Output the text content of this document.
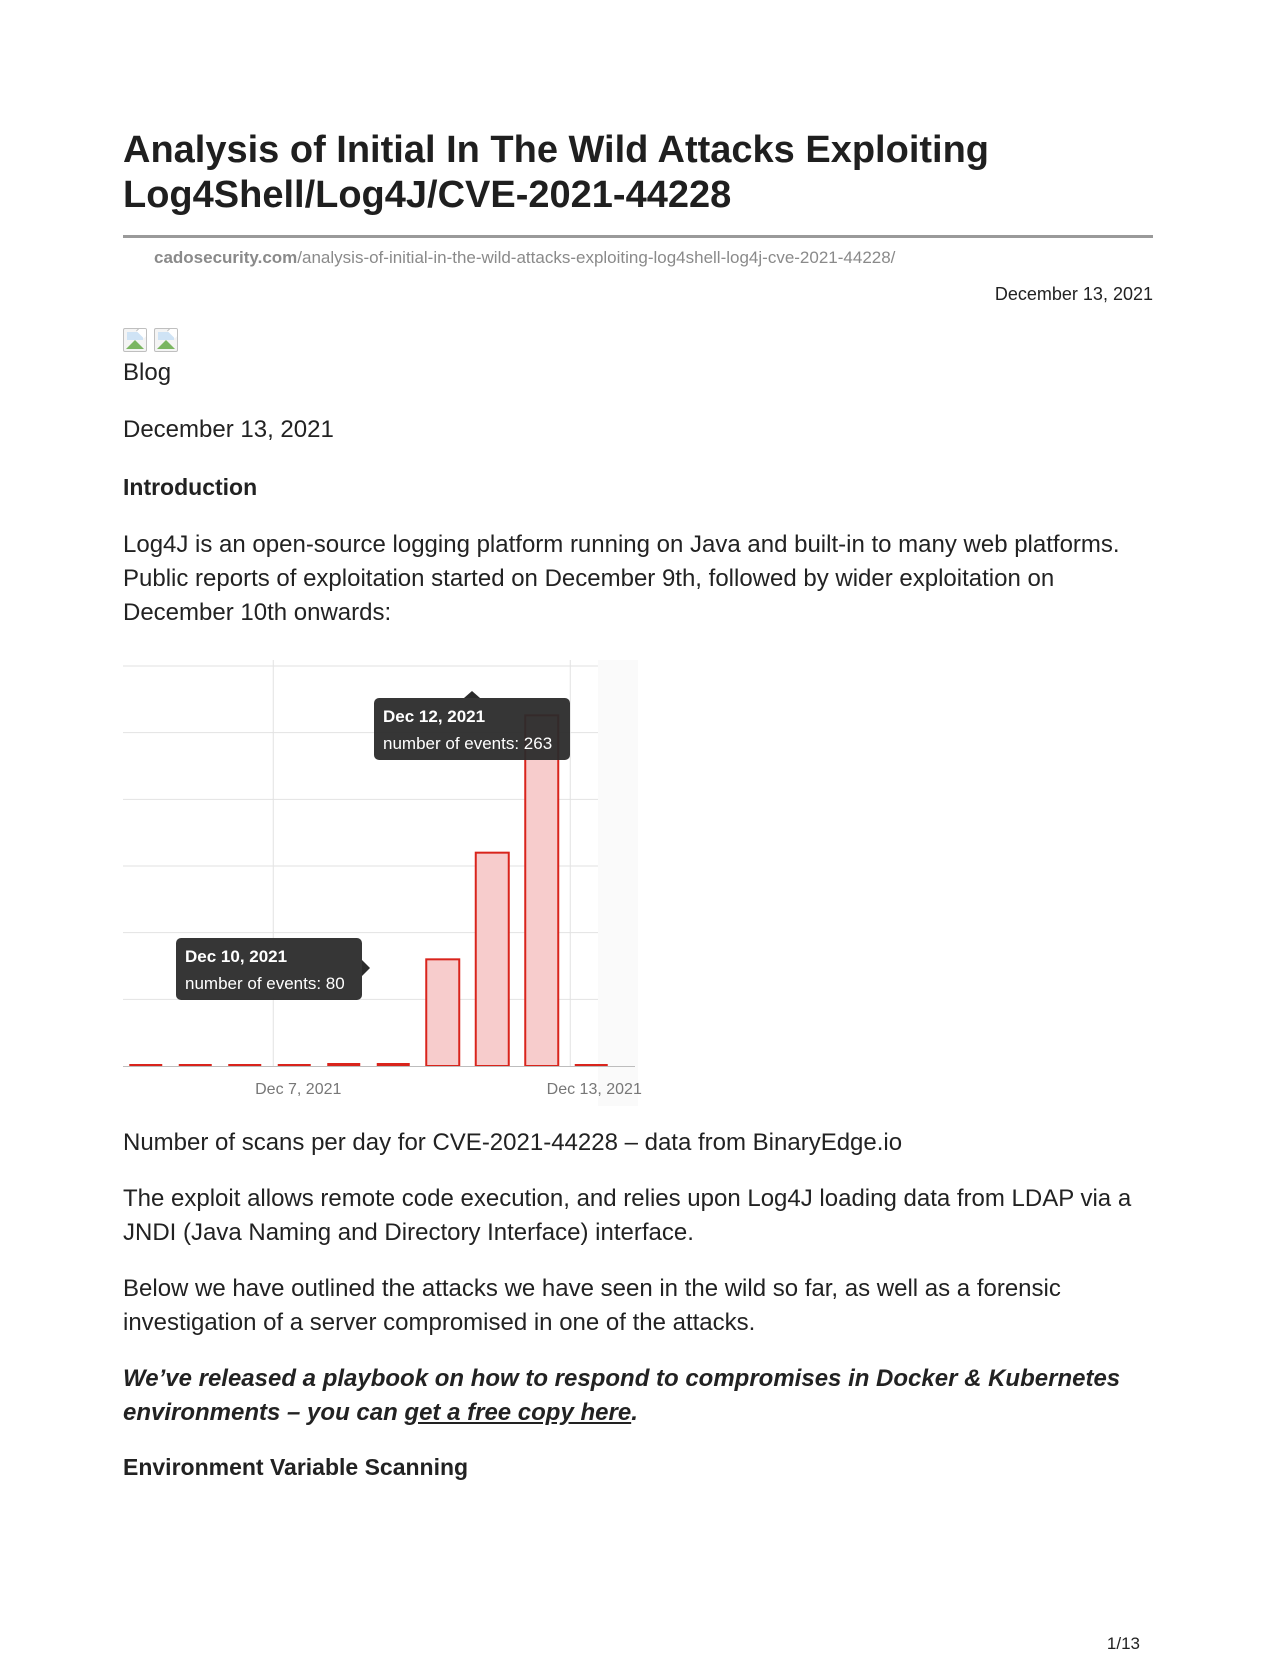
Analysis of Initial In The Wild Attacks Exploiting Log4Shell/Log4J/CVE-2021-44228
cadosecurity.com/analysis-of-initial-in-the-wild-attacks-exploiting-log4shell-log4j-cve-2021-44228/
December 13, 2021
Blog
December 13, 2021
Introduction

Log4J is an open-source logging platform running on Java and built-in to many web platforms. Public reports of exploitation started on December 9th, followed by wider exploitation on December 10th onwards:

Dec 7, 2021	Dec 13, 2021
Dec 10, 2021
number of events: 80
Dec 12, 2021
number of events: 263

Number of scans per day for CVE-2021-44228 – data from BinaryEdge.io

The exploit allows remote code execution, and relies upon Log4J loading data from LDAP via a JNDI (Java Naming and Directory Interface) interface.

Below we have outlined the attacks we have seen in the wild so far, as well as a forensic investigation of a server compromised in one of the attacks.

We’ve released a playbook on how to respond to compromises in Docker & Kubernetes environments – you can get a free copy here.

Environment Variable Scanning
1/13
